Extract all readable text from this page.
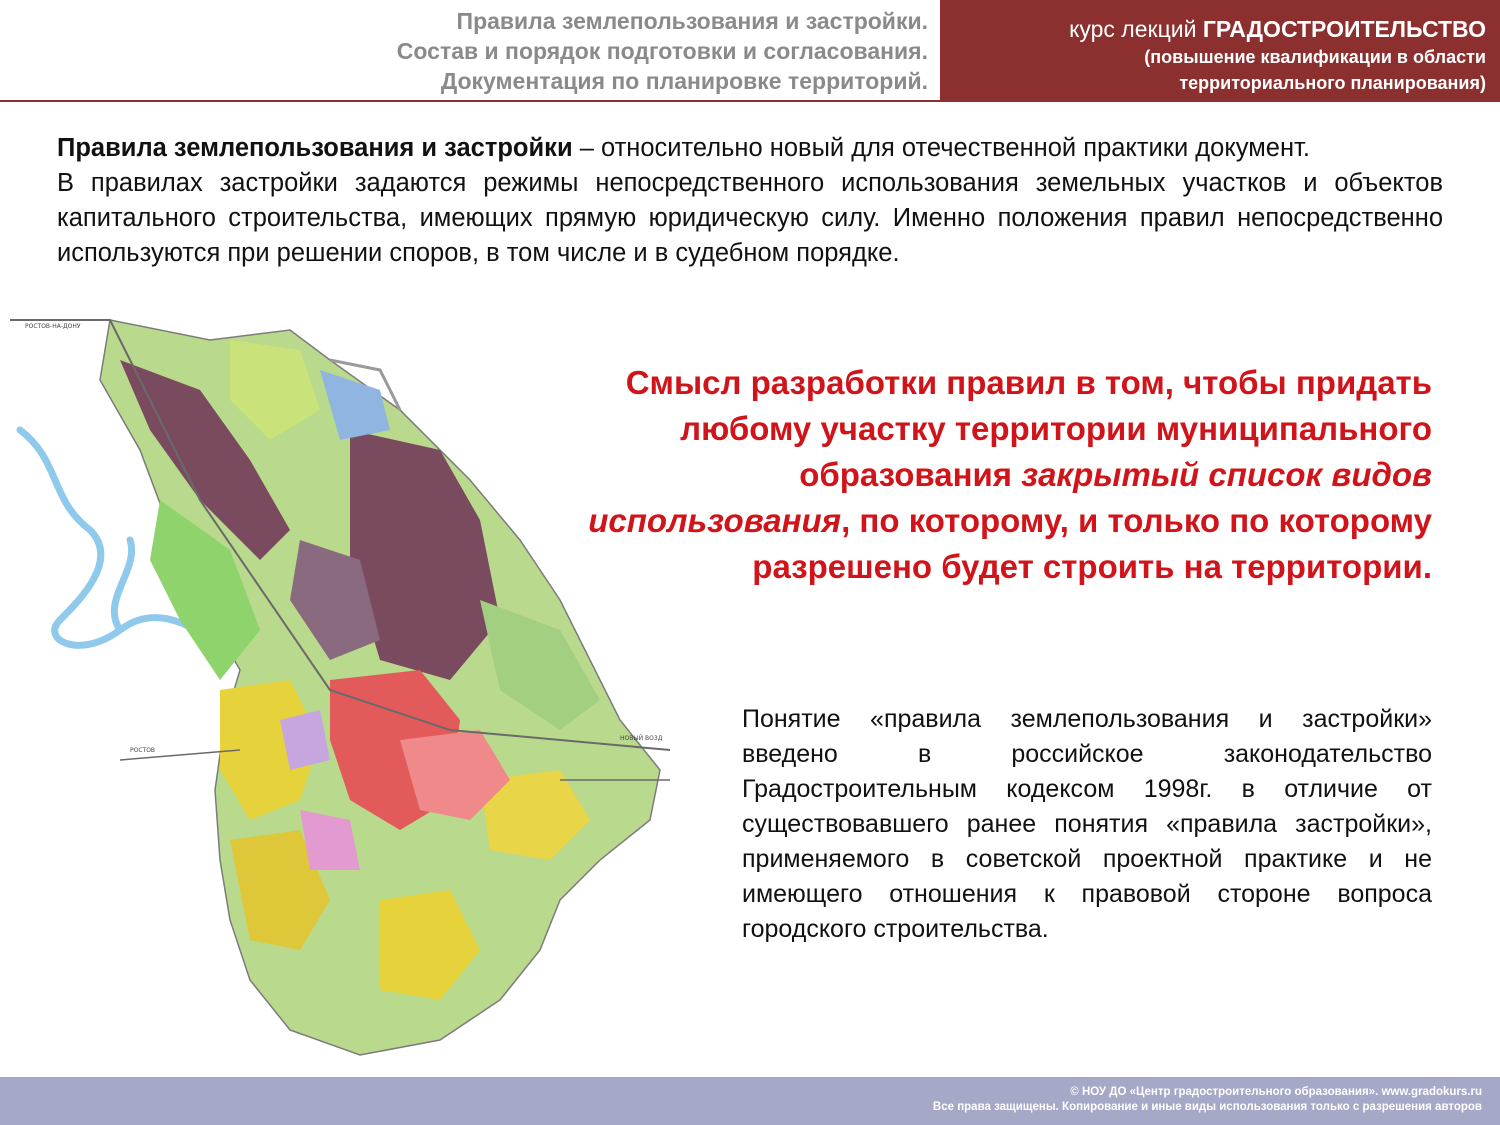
Правила землепользования и застройки.
Состав и порядок подготовки и согласования.
Документация по планировке территорий.
курс лекций ГРАДОСТРОИТЕЛЬСТВО
(повышение квалификации в области
территориального планирования)

Правила землепользования и застройки – относительно новый для отечественной практики документ.

В правилах застройки задаются режимы непосредственного использования земельных участков и объектов капитального строительства, имеющих прямую юридическую силу. Именно положения правил непосредственно используются при решении споров, в том числе и в судебном порядке.

РОСТОВ-НА-ДОНУ
РОСТОВ
НОВЫЙ ВОЗД
Смысл разработки правил в том, чтобы придать любому участку территории муниципального образования закрытый список видов использования, по которому, и только по которому разрешено будет строить на территории.
Понятие «правила землепользования и застройки» введено в российское законодательство Градостроительным кодексом 1998г. в отличие от существовавшего ранее понятия «правила застройки», применяемого в советской проектной практике и не имеющего отношения к правовой стороне вопроса городского строительства.
© НОУ ДО «Центр градостроительного образования». www.gradokurs.ru
Все права защищены. Копирование и иные виды использования только с разрешения авторов
